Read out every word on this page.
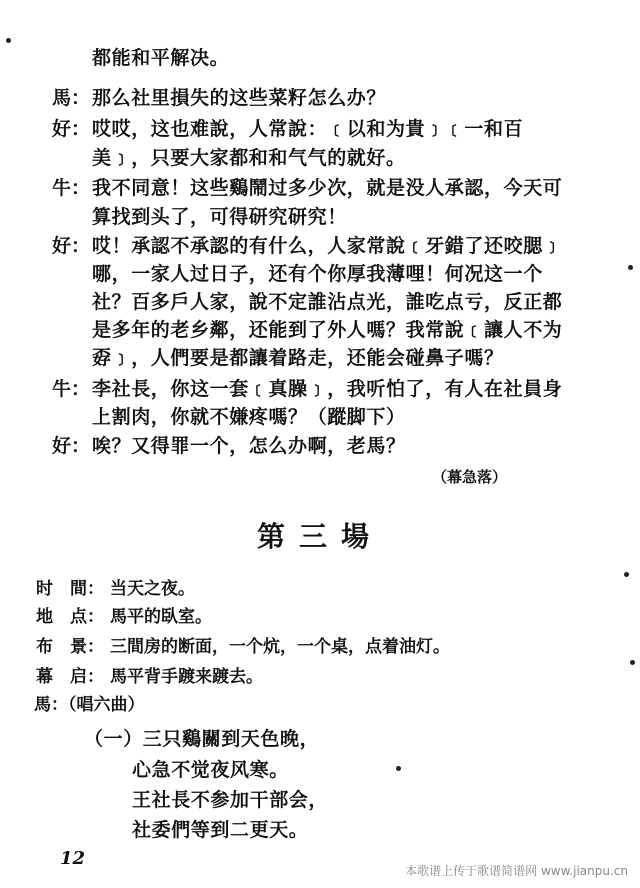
都能和平解决。
馬： 那么社里損失的这些菜籽怎么办？
好： 哎哎，这也难說，人常說：﹝以和为貴﹞﹝一和百
美﹞，只要大家都和和气气的就好。
牛： 我不同意！这些鷄鬧过多少次，就是没人承認，今天可
算找到头了，可得研究研究！
好： 哎！承認不承認的有什么，人家常說﹝牙錯了还咬腮﹞
哪，一家人过日子，还有个你厚我薄哩！何况这一个
社？百多戶人家，說不定誰沾点光，誰吃点亏，反正都
是多年的老乡鄰，还能到了外人嗎？我常說﹝讓人不为
孬﹞，人們要是都讓着路走，还能会碰鼻子嗎？
牛： 李社長，你这一套﹝真臊﹞，我听怕了，有人在社員身
上割肉，你就不嫌疼嗎？（蹤脚下）
好： 唉？又得罪一个，怎么办啊，老馬？
（幕急落）
第三場
时　間： 当天之夜。
地　点： 馬平的臥室。
布　景： 三間房的断面，一个炕，一个桌，点着油灯。
幕　启： 馬平背手踱来踱去。
馬：（唱六曲）
（一）三只鷄關到天色晚，
心急不觉夜风寒。
王社長不参加干部会，
社委們等到二更天。
12
本歌谱上传于歌谱简谱网 www.jianpu.cn
